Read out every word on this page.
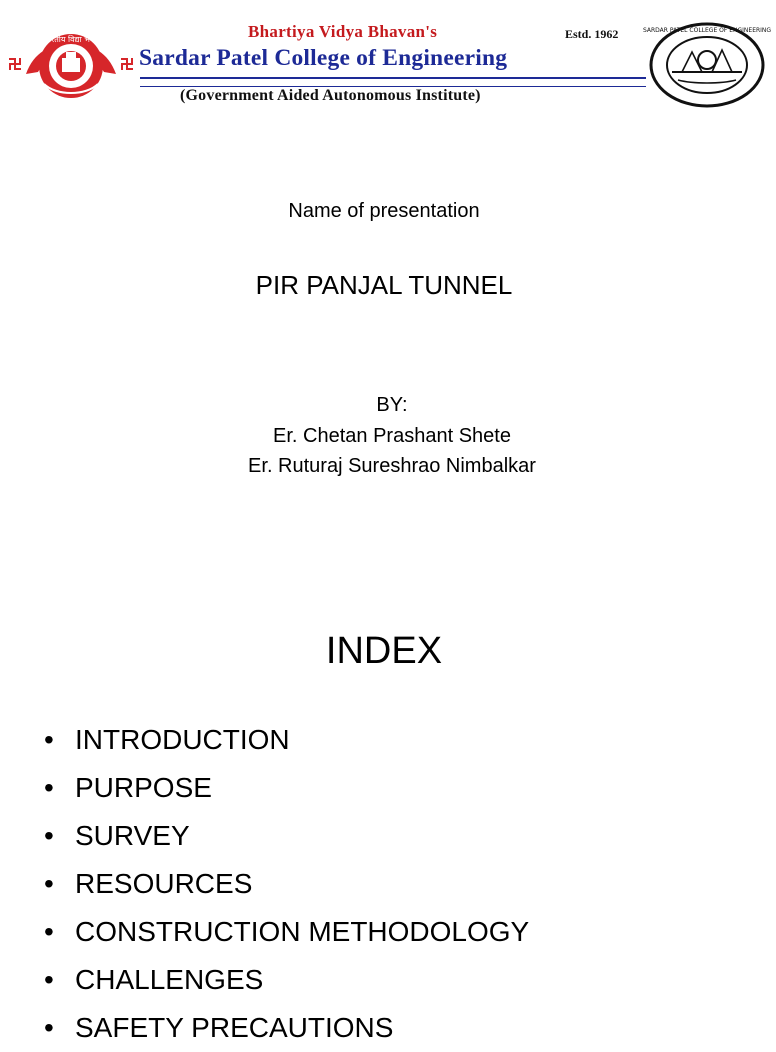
भारतीय विद्या भवन	Bhartiya Vidya Bhavan's	Estd. 1962
Sardar Patel College of Engineering
(Government Aided Autonomous Institute)
SARDAR PATEL COLLEGE OF ENGINEERING
Name of presentation
PIR PANJAL TUNNEL
BY:
Er. Chetan Prashant Shete
Er. Ruturaj Sureshrao Nimbalkar
INDEX
• INTRODUCTION
• PURPOSE
• SURVEY
• RESOURCES
• CONSTRUCTION METHODOLOGY
• CHALLENGES
• SAFETY PRECAUTIONS
